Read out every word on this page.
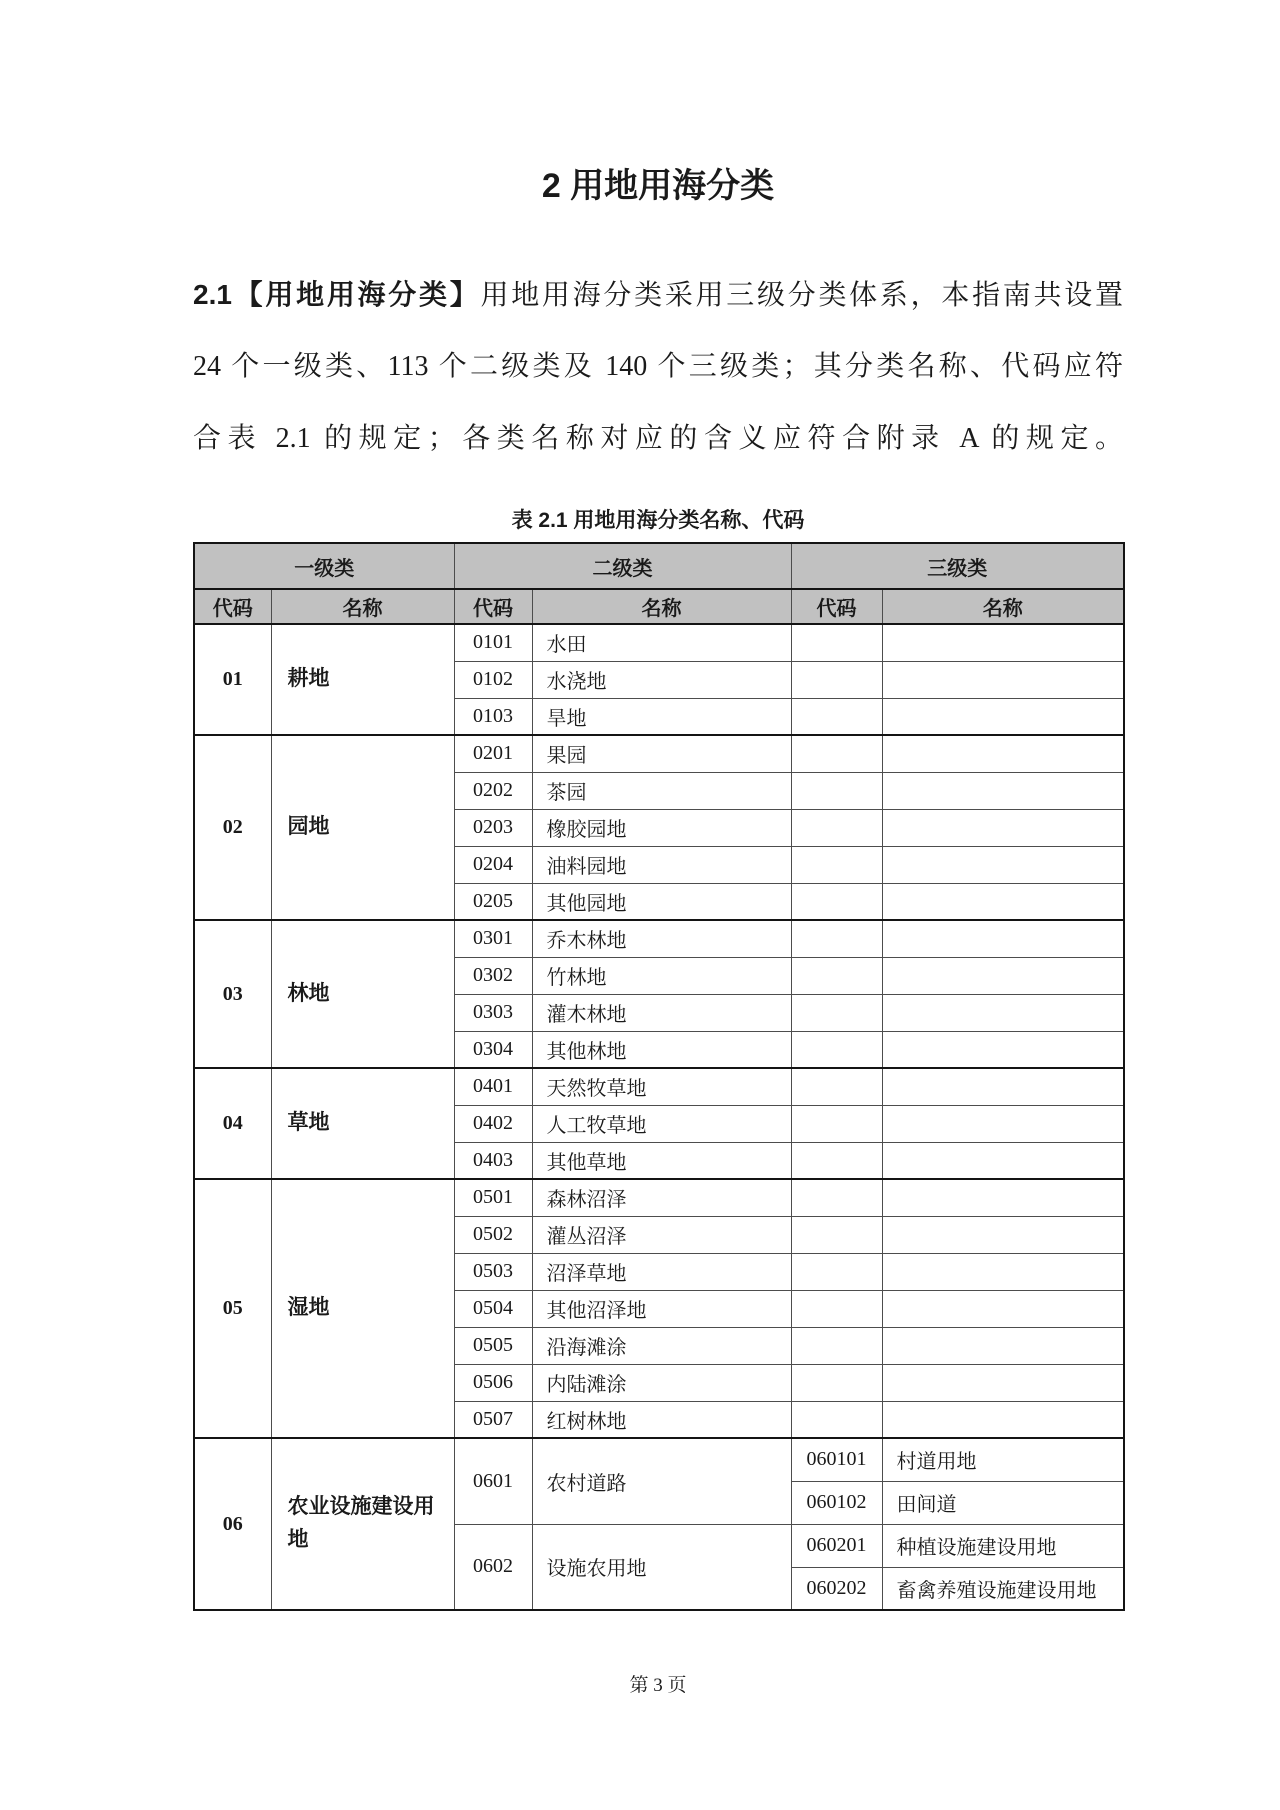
2 用地用海分类
2.1【用地用海分类】用地用海分类采用三级分类体系，本指南共设置
24 个一级类、113 个二级类及 140 个三级类；其分类名称、代码应符
合表 2.1 的规定；各类名称对应的含义应符合附录 A 的规定。
表 2.1 用地用海分类名称、代码
一级类		二级类		三级类	
代码	名称	代码	名称	代码	名称
01	耕地	0101	水田		
		0102	水浇地		
		0103	旱地		
02	园地	0201	果园		
		0202	茶园		
		0203	橡胶园地		
		0204	油料园地		
		0205	其他园地		
03	林地	0301	乔木林地		
		0302	竹林地		
		0303	灌木林地		
		0304	其他林地		
04	草地	0401	天然牧草地		
		0402	人工牧草地		
		0403	其他草地		
05	湿地	0501	森林沼泽		
		0502	灌丛沼泽		
		0503	沼泽草地		
		0504	其他沼泽地		
		0505	沿海滩涂		
		0506	内陆滩涂		
		0507	红树林地		
06	农业设施建设用地	0601	农村道路	060101	村道用地
				060102	田间道
		0602	设施农用地	060201	种植设施建设用地
				060202	畜禽养殖设施建设用地
第 3 页
